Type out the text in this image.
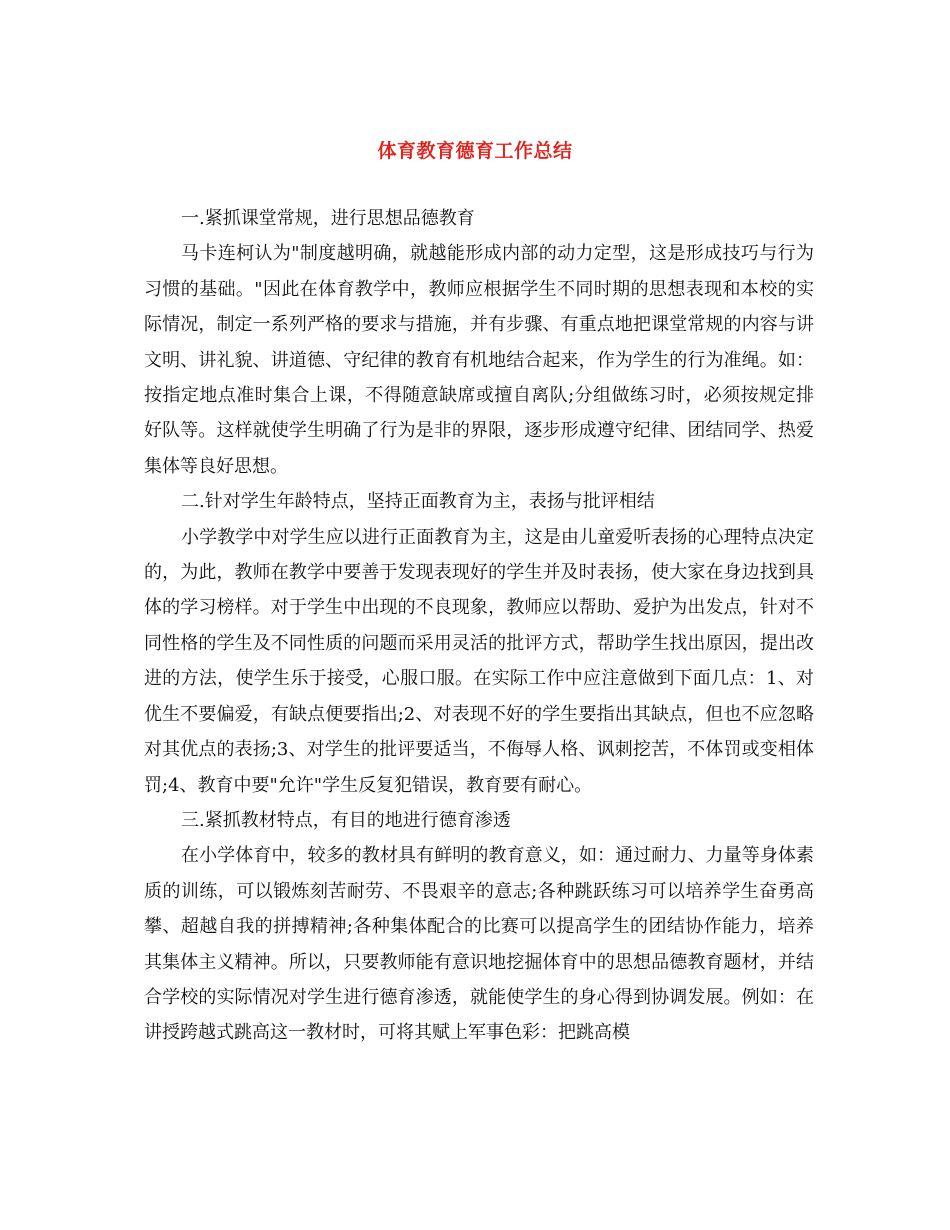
体育教育德育工作总结

一.紧抓课堂常规，进行思想品德教育

马卡连柯认为"制度越明确，就越能形成内部的动力定型，这是形成技巧与行为习惯的基础。"因此在体育教学中，教师应根据学生不同时期的思想表现和本校的实际情况，制定一系列严格的要求与措施，并有步骤、有重点地把课堂常规的内容与讲文明、讲礼貌、讲道德、守纪律的教育有机地结合起来，作为学生的行为准绳。如：按指定地点准时集合上课，不得随意缺席或擅自离队;分组做练习时，必须按规定排好队等。这样就使学生明确了行为是非的界限，逐步形成遵守纪律、团结同学、热爱集体等良好思想。

二.针对学生年龄特点，坚持正面教育为主，表扬与批评相结

小学教学中对学生应以进行正面教育为主，这是由儿童爱听表扬的心理特点决定的，为此，教师在教学中要善于发现表现好的学生并及时表扬，使大家在身边找到具体的学习榜样。对于学生中出现的不良现象，教师应以帮助、爱护为出发点，针对不同性格的学生及不同性质的问题而采用灵活的批评方式，帮助学生找出原因，提出改进的方法，使学生乐于接受，心服口服。在实际工作中应注意做到下面几点：1、对优生不要偏爱，有缺点便要指出;2、对表现不好的学生要指出其缺点，但也不应忽略对其优点的表扬;3、对学生的批评要适当，不侮辱人格、讽刺挖苦，不体罚或变相体罚;4、教育中要"允许"学生反复犯错误，教育要有耐心。

三.紧抓教材特点，有目的地进行德育渗透

在小学体育中，较多的教材具有鲜明的教育意义，如：通过耐力、力量等身体素质的训练，可以锻炼刻苦耐劳、不畏艰辛的意志;各种跳跃练习可以培养学生奋勇高攀、超越自我的拼搏精神;各种集体配合的比赛可以提高学生的团结协作能力，培养其集体主义精神。所以，只要教师能有意识地挖掘体育中的思想品德教育题材，并结合学校的实际情况对学生进行德育渗透，就能使学生的身心得到协调发展。例如：在讲授跨越式跳高这一教材时，可将其赋上军事色彩：把跳高模
